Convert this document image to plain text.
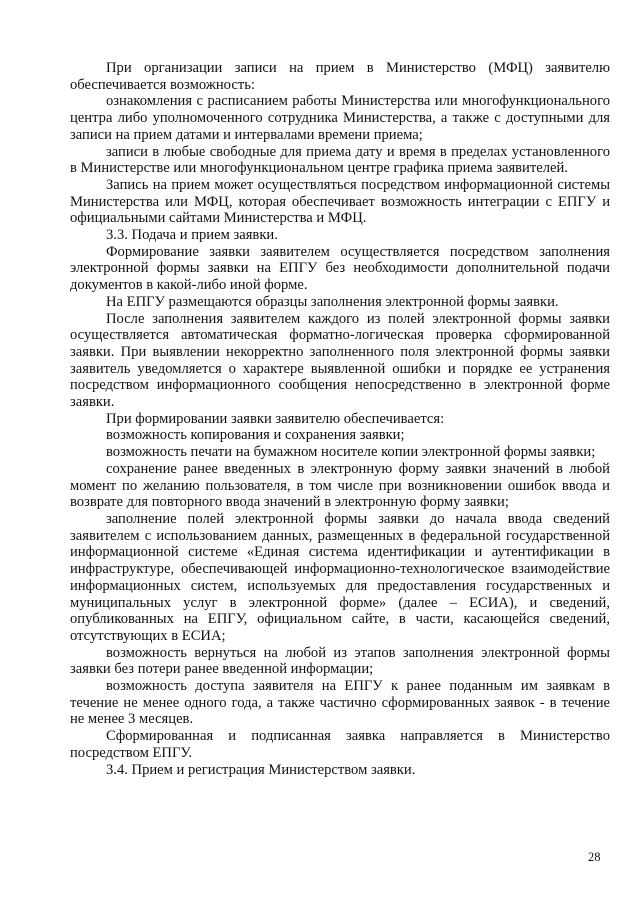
При организации записи на прием в Министерство (МФЦ) заявителю обеспечивается возможность:

ознакомления с расписанием работы Министерства или многофункционального центра либо уполномоченного сотрудника Министерства, а также с доступными для записи на прием датами и интервалами времени приема;

записи в любые свободные для приема дату и время в пределах установленного в Министерстве или многофункциональном центре графика приема заявителей.

Запись на прием может осуществляться посредством информационной системы Министерства или МФЦ, которая обеспечивает возможность интеграции с ЕПГУ и официальными сайтами Министерства и МФЦ.

3.3. Подача и прием заявки.

Формирование заявки заявителем осуществляется посредством заполнения электронной формы заявки на ЕПГУ без необходимости дополнительной подачи документов в какой-либо иной форме.

На ЕПГУ размещаются образцы заполнения электронной формы заявки.

После заполнения заявителем каждого из полей электронной формы заявки осуществляется автоматическая форматно-логическая проверка сформированной заявки. При выявлении некорректно заполненного поля электронной формы заявки заявитель уведомляется о характере выявленной ошибки и порядке ее устранения посредством информационного сообщения непосредственно в электронной форме заявки.

При формировании заявки заявителю обеспечивается:

возможность копирования и сохранения заявки;

возможность печати на бумажном носителе копии электронной формы заявки;

сохранение ранее введенных в электронную форму заявки значений в любой момент по желанию пользователя, в том числе при возникновении ошибок ввода и возврате для повторного ввода значений в электронную форму заявки;

заполнение полей электронной формы заявки до начала ввода сведений заявителем с использованием данных, размещенных в федеральной государственной информационной системе «Единая система идентификации и аутентификации в инфраструктуре, обеспечивающей информационно-технологическое взаимодействие информационных систем, используемых для предоставления государственных и муниципальных услуг в электронной форме» (далее – ЕСИА), и сведений, опубликованных на ЕПГУ, официальном сайте, в части, касающейся сведений, отсутствующих в ЕСИА;

возможность вернуться на любой из этапов заполнения электронной формы заявки без потери ранее введенной информации;

возможность доступа заявителя на ЕПГУ к ранее поданным им заявкам в течение не менее одного года, а также частично сформированных заявок - в течение не менее 3 месяцев.

Сформированная и подписанная заявка направляется в Министерство посредством ЕПГУ.

3.4. Прием и регистрация Министерством заявки.

28
